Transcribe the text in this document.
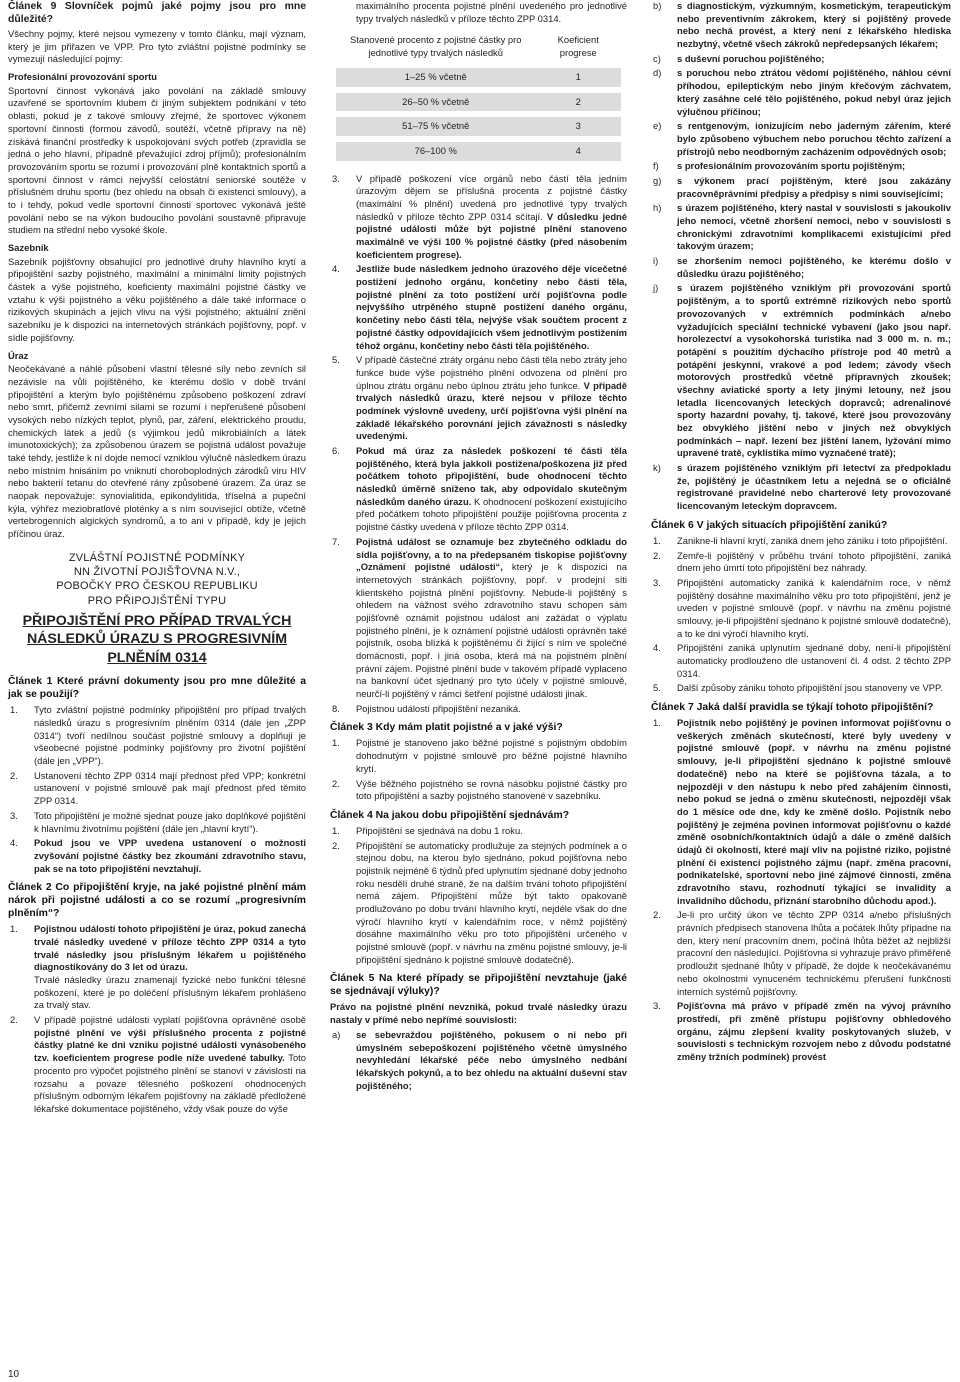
Článek 9 Slovníček pojmů jaké pojmy jsou pro mne důležité?

Všechny pojmy, které nejsou vymezeny v tomto článku, mají význam, který je jim přiřazen ve VPP. Pro tyto zvláštní pojistné podmínky se vymezují následující pojmy:

Profesionální provozování sportu

Sportovní činnost vykonává jako povolání na základě smlouvy uzavřené se sportovním klubem či jiným subjektem podnikání v této oblasti, pokud je z takové smlouvy zřejmé, že sportovec výkonem sportovní činnosti (formou závodů, soutěží, včetně přípravy na ně) získává finanční prostředky k uspokojování svých potřeb (zpravidla se jedná o jeho hlavní, případně převažující zdroj příjmů); profesionálním provozováním sportu se rozumí i provozování plně kontaktních sportů a sportovní činnost v rámci nejvyšší celostátní seniorské soutěže v příslušném druhu sportu (bez ohledu na obsah či existenci smlouvy), a to i tehdy, pokud vedle sportovní činnosti sportovec vykonává ještě povolání nebo se na výkon budoucího povolání soustavně připravuje studiem na střední nebo vysoké škole.

Sazebník

Sazebník pojišťovny obsahující pro jednotlivé druhy hlavního krytí a připojištění sazby pojistného, maximální a minimální limity pojistných částek a výše pojistného, koeficienty maximální pojistné částky ve vztahu k výši pojistného a věku pojištěného a dále také informace o rizikových skupinách a jejich vlivu na výši pojistného; aktuální znění sazebníku je k dispozici na internetových stránkách pojišťovny, popř. v sídle pojišťovny.

Úraz

Neočekávané a náhlé působení vlastní tělesné síly nebo zevních sil nezávisle na vůli pojištěného, ke kterému došlo v době trvání připojištění a kterým bylo pojištěnému způsobeno poškození zdraví nebo smrt, přičemž zevními silami se rozumí i nepřerušené působení vysokých nebo nízkých teplot, plynů, par, záření, elektrického proudu, chemických látek a jedů (s výjimkou jedů mikrobiálních a látek imunotoxických); za způsobenou úrazem se pojistná událost považuje také tehdy, jestliže k ní dojde nemocí vzniklou výlučně následkem úrazu nebo místním hnisáním po vniknutí choroboplodných zárodků viru HIV nebo bakterií tetanu do otevřené rány způsobené úrazem. Za úraz se naopak nepovažuje: synovialitida, epikondylitida, tříselná a pupeční kýla, výhřez meziobratlové ploténky a s ním související obtíže, včetně vertebrogenních algických syndromů, a to ani v případě, kdy je jejich příčinou úraz.

ZVLÁŠTNÍ POJISTNÉ PODMÍNKY
NN ŽIVOTNÍ POJIŠŤOVNA N.V.,
POBOČKY PRO ČESKOU REPUBLIKU
PRO PŘIPOJIŠTĚNÍ TYPU
PŘIPOJIŠTĚNÍ PRO PŘÍPAD TRVALÝCH
NÁSLEDKŮ ÚRAZU S PROGRESIVNÍM
PLNĚNÍM 0314

Článek 1 Které právní dokumenty jsou pro mne důležité a jak se použijí?

1.	Tyto zvláštní pojistné podmínky připojištění pro případ trvalých následků úrazu s progresivním plněním 0314 (dále jen „ZPP 0314“) tvoří nedílnou součást pojistné smlouvy a doplňují je všeobecné pojistné podmínky pojišťovny pro životní pojištění (dále jen „VPP“).
2.	Ustanovení těchto ZPP 0314 mají přednost před VPP; konkrétní ustanovení v pojistné smlouvě pak mají přednost před těmito ZPP 0314.
3.	Toto připojištění je možné sjednat pouze jako doplňkové pojištění k hlavnímu životnímu pojištění (dále jen „hlavní krytí“).
4.	Pokud jsou ve VPP uvedena ustanovení o možnosti zvyšování pojistné částky bez zkoumání zdravotního stavu, pak se na toto připojištění nevztahují.

Článek 2 Co připojištění kryje, na jaké pojistné plnění mám nárok při pojistné události a co se rozumí „progresivním plněním“?

1.	Pojistnou událostí tohoto připojištění je úraz, pokud zanechá trvalé následky uvedené v příloze těchto ZPP 0314 a tyto trvalé následky jsou příslušným lékařem u pojištěného diagnostikovány do 3 let od úrazu.
Trvalé následky úrazu znamenají fyzické nebo funkční tělesné poškození, které je po doléčení příslušným lékařem prohlášeno za trvalý stav.
2.	V případě pojistné události vyplatí pojišťovna oprávněné osobě pojistné plnění ve výši příslušného procenta z pojistné částky platné ke dni vzniku pojistné události vynásobeného tzv. koeficientem progrese podle níže uvedené tabulky. Toto procento pro výpočet pojistného plnění se stanoví v závislosti na rozsahu a povaze tělesného poškození ohodnocených příslušným odborným lékařem pojišťovny na základě předložené lékařské dokumentace pojištěného, vždy však pouze do výše

maximálního procenta pojistné plnění uvedeného pro jednotlivé typy trvalých následků v příloze těchto ZPP 0314.

Stanovené procento z pojistné částky pro jednotlivé typy trvalých následků	Koeficient progrese
1–25 % včetně	1
26–50 % včetně	2
51–75 % včetně	3
76–100 %	4
3.	V případě poškození více orgánů nebo částí těla jedním úrazovým dějem se příslušná procenta z pojistné částky (maximální % plnění) uvedená pro jednotlivé typy trvalých následků v příloze těchto ZPP 0314 sčítají. V důsledku jedné pojistné události může být pojistné plnění stanoveno maximálně ve výši 100 % pojistné částky (před násobením koeficientem progrese).
4.	Jestliže bude následkem jednoho úrazového děje vícečetné postižení jednoho orgánu, končetiny nebo části těla, pojistné plnění za toto postižení určí pojišťovna podle nejvyššího utrpěného stupně postižení daného orgánu, končetiny nebo části těla, nejvýše však součtem procent z pojistné částky odpovídajících všem jednotlivým postižením téhož orgánu, končetiny nebo části těla pojištěného.
5.	V případě částečné ztráty orgánu nebo části těla nebo ztráty jeho funkce bude výše pojistného plnění odvozena od plnění pro úplnou ztrátu orgánu nebo úplnou ztrátu jeho funkce. V případě trvalých následků úrazu, které nejsou v příloze těchto podmínek výslovně uvedeny, určí pojišťovna výši plnění na základě lékařského porovnání jejich závažnosti s následky uvedenými.
6.	Pokud má úraz za následek poškození té části těla pojištěného, která byla jakkoli postižena/poškozena již před počátkem tohoto připojištění, bude ohodnocení těchto následků úměrně sníženo tak, aby odpovídalo skutečným následkům daného úrazu. K ohodnocení poškození existujícího před počátkem tohoto připojištění použije pojišťovna procenta z pojistné částky uvedená v příloze těchto ZPP 0314.
7.	Pojistná událost se oznamuje bez zbytečného odkladu do sídla pojišťovny, a to na předepsaném tiskopise pojišťovny „Oznámení pojistné události“, který je k dispozici na internetových stránkách pojišťovny, popř. v prodejní síti klientského pojistná plnění pojišťovny. Nebude-li pojištěný s ohledem na vážnost svého zdravotního stavu schopen sám pojišťovně oznámit pojistnou událost ani zažádat o výplatu pojistného plnění, je k oznámení pojistné události oprávněn také pojistník, osoba blízká k pojištěnému či žijící s ním ve společné domácnosti, popř. i jiná osoba, která má na pojistném plnění právní zájem. Pojistné plnění bude v takovém případě vyplaceno na bankovní účet sjednaný pro tyto účely v pojistné smlouvě, neurčí-li pojištěný v rámci šetření pojistné události jinak.
8.	Pojistnou událostí připojištění nezaniká.

Článek 3 Kdy mám platit pojistné a v jaké výši?

1.	Pojistné je stanoveno jako běžné pojistné s pojistným obdobím dohodnutým v pojistné smlouvě pro běžné pojistné hlavního krytí.
2.	Výše běžného pojistného se rovná násobku pojistné částky pro toto připojištění a sazby pojistného stanovené v sazebníku.

Článek 4 Na jakou dobu připojištění sjednávám?

1.	Připojištění se sjednává na dobu 1 roku.
2.	Připojištění se automaticky prodlužuje za stejných podmínek a o stejnou dobu, na kterou bylo sjednáno, pokud pojišťovna nebo pojistník nejméně 6 týdnů před uplynutím sjednané doby jednoho roku nesdělí druhé straně, že na dalším trvání tohoto připojištění nemá zájem. Připojištění může být takto opakovaně prodlužováno po dobu trvání hlavního krytí, nejdéle však do dne výročí hlavního krytí v kalendářním roce, v němž pojištěný dosáhne maximálního věku pro toto připojištění určeného v pojistné smlouvě (popř. v návrhu na změnu pojistné smlouvy, je-li připojištění sjednáno k pojistné smlouvě dodatečně).

Článek 5 Na které případy se připojištění nevztahuje (jaké se sjednávají výluky)?

Právo na pojistné plnění nevzniká, pokud trvalé následky úrazu nastaly v přímé nebo nepřímé souvislosti:

a)	se sebevraždou pojištěného, pokusem o ni nebo při úmyslném sebepoškození pojištěného včetně úmyslného nevyhledání lékařské péče nebo úmyslného nedbání lékařských pokynů, a to bez ohledu na aktuální duševní stav pojištěného;
b)	s diagnostickým, výzkumným, kosmetickým, terapeutickým nebo preventivním zákrokem, který si pojištěný provede nebo nechá provést, a který není z lékařského hlediska nezbytný, včetně všech zákroků nepředepsaných lékařem;
c)	s duševní poruchou pojištěného;
d)	s poruchou nebo ztrátou vědomí pojištěného, náhlou cévní příhodou, epileptickým nebo jiným křečovým záchvatem, který zasáhne celé tělo pojištěného, pokud nebyl úraz jejich výlučnou příčinou;
e)	s rentgenovým, ionizujícím nebo jaderným zářením, které bylo způsobeno výbuchem nebo poruchou těchto zařízení a přístrojů nebo neodborným zacházením odpovědných osob;
f)	s profesionálním provozováním sportu pojištěným;
g)	s výkonem prací pojištěným, které jsou zakázány pracovněprávními předpisy a předpisy s nimi souvisejícími;
h)	s úrazem pojištěného, který nastal v souvislosti s jakoukoliv jeho nemocí, včetně zhoršení nemoci, nebo v souvislosti s chronickými zdravotními komplikacemi existujícími před takovým úrazem;
i)	se zhoršením nemoci pojištěného, ke kterému došlo v důsledku úrazu pojištěného;
j)	s úrazem pojištěného vzniklým při provozování sportů pojištěným, a to sportů extrémně rizikových nebo sportů provozovaných v extrémních podmínkách a/nebo vyžadujících speciální technické vybavení (jako jsou např. horolezectví a vysokohorská turistika nad 3 000 m. n. m.; potápění s použitím dýchacího přístroje pod 40 metrů a potápění jeskynní, vrakové a pod ledem; závody všech motorových prostředků včetně přípravných zkoušek; všechny aviatické sporty a lety jinými letouny, než jsou letadla licencovaných leteckých dopravců; adrenalinové sporty hazardní povahy, tj. takové, které jsou provozovány bez obvyklého jištění nebo v jiných než obvyklých podmínkách – např. lezení bez jištění lanem, lyžování mimo upravené tratě, cyklistika mimo vyznačené tratě);
k)	s úrazem pojištěného vzniklým při letectví za předpokladu že, pojištěný je účastníkem letu a nejedná se o oficiálně registrované pravidelné nebo charterové lety provozované licencovaným leteckým dopravcem.

Článek 6 V jakých situacích připojištění zanikú?

1.	Zanikne-li hlavní krytí, zaniká dnem jeho zániku i toto připojištění.
2.	Zemře-li pojištěný v průběhu trvání tohoto připojištění, zaniká dnem jeho úmrtí toto připojištění bez náhrady.
3.	Připojištění automaticky zaniká k kalendářním roce, v němž pojištěný dosáhne maximálního věku pro toto připojištění, jenž je uveden v pojistné smlouvě (popř. v návrhu na změnu pojistné smlouvy, je-li připojištění sjednáno k pojistné smlouvě dodatečně), a to ke dni výročí hlavního krytí.
4.	Připojištění zaniká uplynutím sjednané doby, není-li připojištění automaticky prodlouženo dle ustanovení čl. 4 odst. 2 těchto ZPP 0314.
5.	Další způsoby zániku tohoto připojištění jsou stanoveny ve VPP.

Článek 7 Jaká další pravidla se týkají tohoto připojištění?

1.	Pojistník nebo pojištěný je povinen informovat pojišťovnu o veškerých změnách skutečností, které byly uvedeny v pojistné smlouvě (popř. v návrhu na změnu pojistné smlouvy, je-li připojištění sjednáno k pojistné smlouvě dodatečně) nebo na které se pojišťovna tázala, a to nejpozději v den nástupu k nebo před zahájením činnosti, nebo pokud se jedná o změnu skutečnosti, nejpozději však do 1 měsíce ode dne, kdy ke změně došlo. Pojistník nebo pojištěný je zejména povinen informovat pojišťovnu o každé změně osobních/kontaktních údajů a dále o změně dalších údajů či okolností, které mají vliv na pojistné riziko, pojistné plnění či existenci pojistného zájmu (např. změna pracovní, podnikatelské, sportovní nebo jiné zájmové činnosti, změna zdravotního stavu, rozhodnutí týkající se invalidity a invalidního důchodu, přiznání starobního důchodu apod.).
2.	Je-li pro určitý úkon ve těchto ZPP 0314 a/nebo příslušných právních předpisech stanovena lhůta a počátek lhůty připadne na den, který není pracovním dnem, počíná lhůta běžet až nejbližší pracovní den následující. Pojišťovna si vyhrazuje právo přiměřeně prodloužit sjednané lhůty v případě, že dojde k neočekávanému nebo okolnostmi vynuceném technickému přerušení funkčnosti interních systémů pojišťovny.
3.	Pojišťovna má právo v případě změn na vývoj právního prostředí, při změně přístupu pojišťovny obhledového orgánu, zájmu zlepšení kvality poskytovaných služeb, v souvislosti s technickým rozvojem nebo z důvodu podstatné změny tržních podmínek) provést
10
